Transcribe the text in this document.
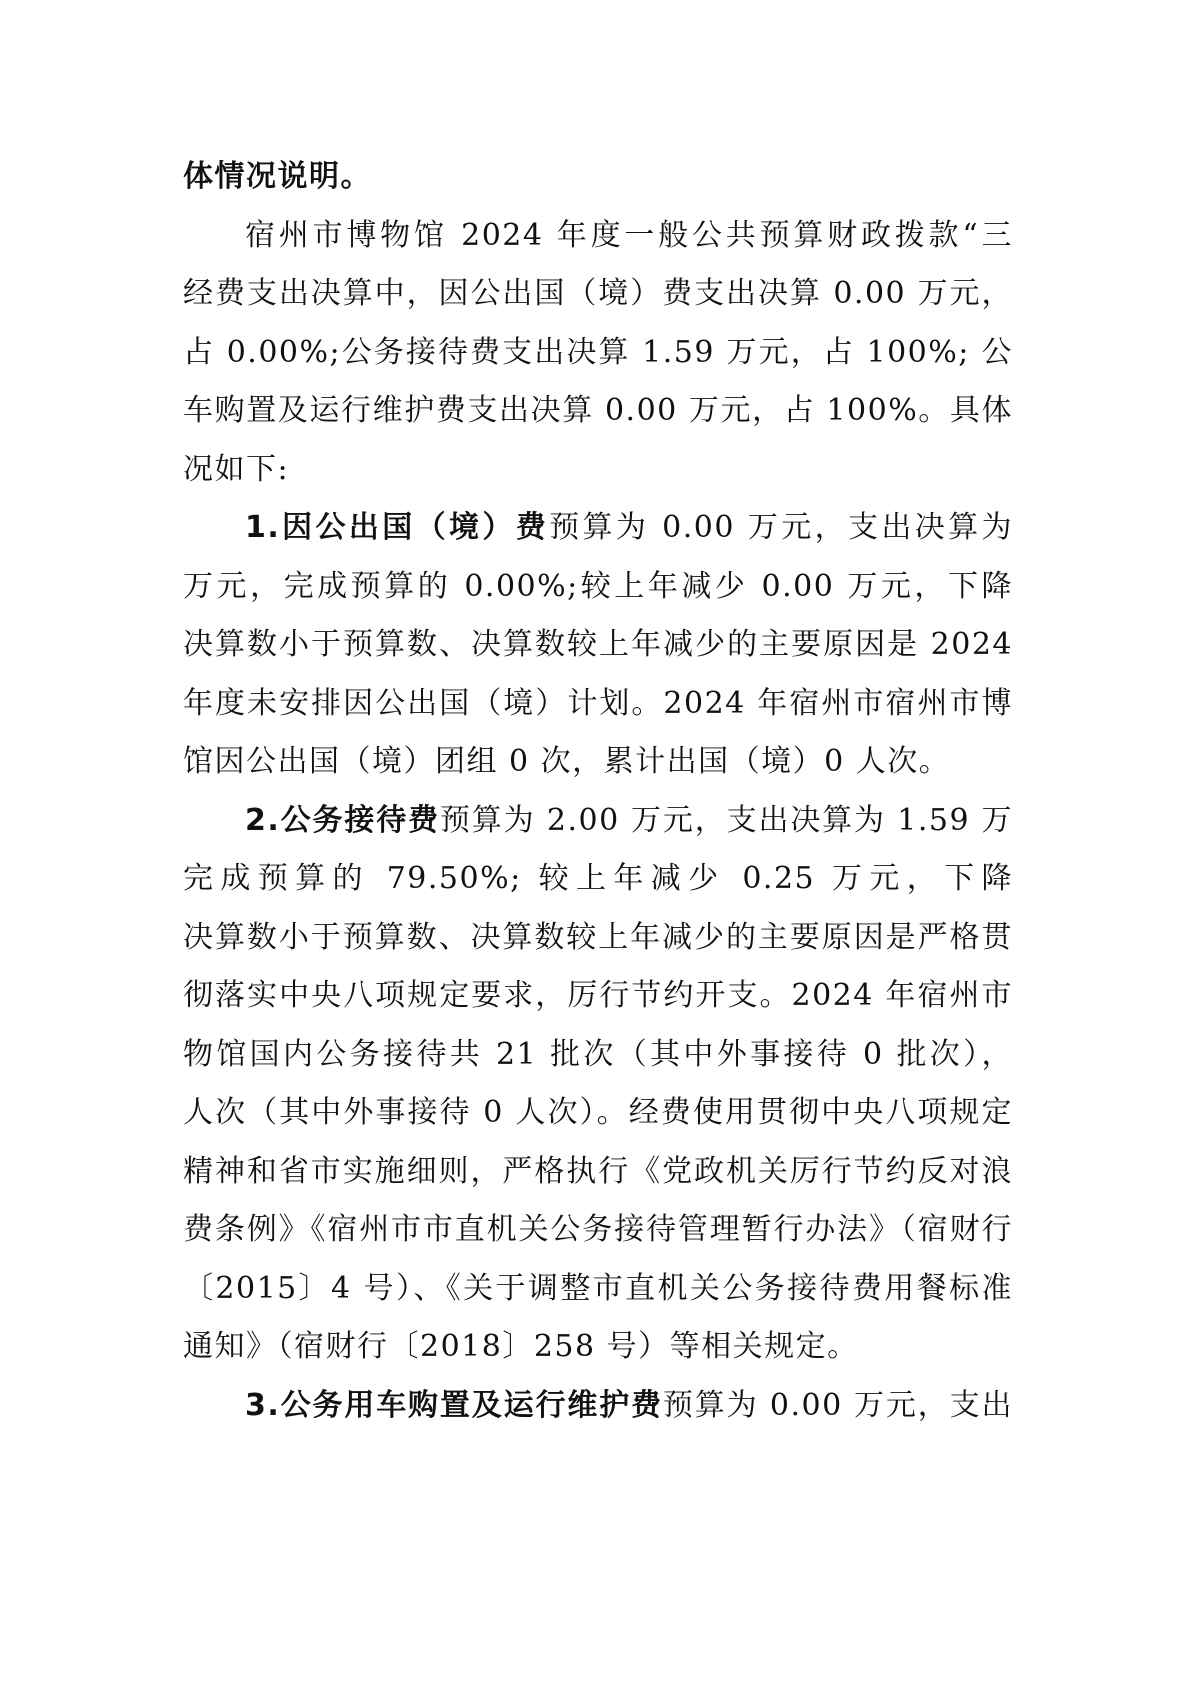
体情况说明。
宿州市博物馆 2024 年度一般公共预算财政拨款“三
经费支出决算中，因公出国（境）费支出决算 0.00 万元，
占 0.00%;公务接待费支出决算 1.59 万元，占 100%; 公
车购置及运行维护费支出决算 0.00 万元，占 100%。具体
况如下:
1.因公出国（境）费预算为 0.00 万元，支出决算为
万元，完成预算的 0.00%;较上年减少 0.00 万元，下降
决算数小于预算数、决算数较上年减少的主要原因是 2024
年度未安排因公出国（境）计划。2024 年宿州市宿州市博
馆因公出国（境）团组 0 次，累计出国（境）0 人次。
2.公务接待费预算为 2.00 万元，支出决算为 1.59 万
完成预算的 79.50%; 较上年减少 0.25 万元，下降
决算数小于预算数、决算数较上年减少的主要原因是严格贯
彻落实中央八项规定要求，厉行节约开支。2024 年宿州市
物馆国内公务接待共 21 批次（其中外事接待 0 批次），
人次（其中外事接待 0 人次）。经费使用贯彻中央八项规定
精神和省市实施细则，严格执行《党政机关厉行节约反对浪
费条例》《宿州市市直机关公务接待管理暂行办法》（宿财行
〔2015〕4 号）、《关于调整市直机关公务接待费用餐标准
通知》（宿财行〔2018〕258 号）等相关规定。
3.公务用车购置及运行维护费预算为 0.00 万元，支出
